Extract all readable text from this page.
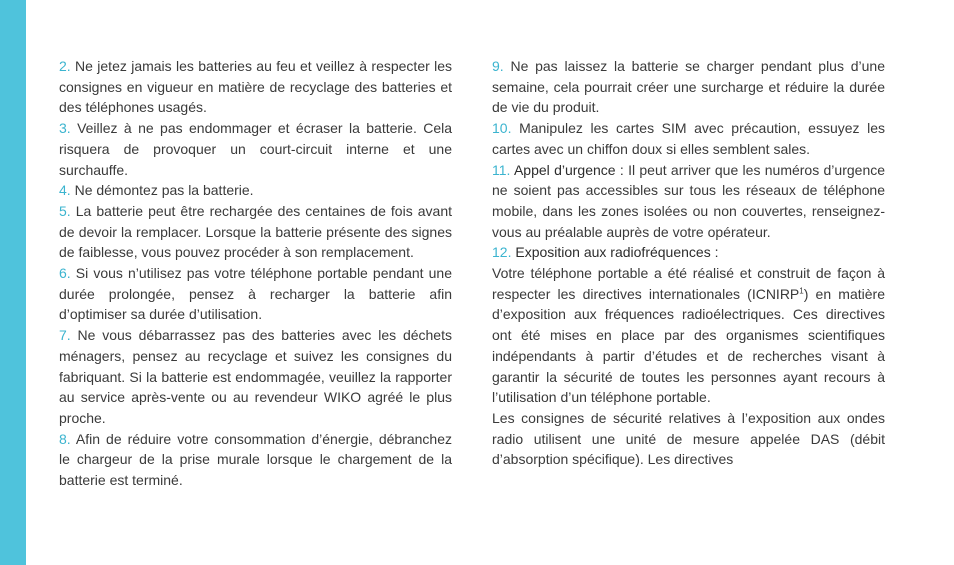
2. Ne jetez jamais les batteries au feu et veillez à respecter les consignes en vigueur en matière de recyclage des batteries et des téléphones usagés.

3. Veillez à ne pas endommager et écraser la batterie. Cela risquera de provoquer un court-circuit interne et une surchauffe.

4. Ne démontez pas la batterie.

5. La batterie peut être rechargée des centaines de fois avant de devoir la remplacer. Lorsque la batterie présente des signes de faiblesse, vous pouvez procéder à son remplacement.

6. Si vous n’utilisez pas votre téléphone portable pendant une durée prolongée, pensez à recharger la batterie afin d’optimiser sa durée d’utilisation.

7. Ne vous débarrassez pas des batteries avec les déchets ménagers, pensez au recyclage et suivez les consignes du fabriquant. Si la batterie est endommagée, veuillez la rapporter au service après-vente ou au revendeur WIKO agréé le plus proche.

8. Afin de réduire votre consommation d’énergie, débranchez le chargeur de la prise murale lorsque le chargement de la batterie est terminé.

9. Ne pas laissez la batterie se charger pendant plus d’une semaine, cela pourrait créer une surcharge et réduire la durée de vie du produit.

10. Manipulez les cartes SIM avec précaution, essuyez les cartes avec un chiffon doux si elles semblent sales.

11. Appel d’urgence : Il peut arriver que les numéros d’urgence ne soient pas accessibles sur tous les réseaux de téléphone mobile, dans les zones isolées ou non couvertes, renseignez-vous au préalable auprès de votre opérateur.

12. Exposition aux radiofréquences :

Votre téléphone portable a été réalisé et construit de façon à respecter les directives internationales (ICNIRP$^1$) en matière d’exposition aux fréquences radioélectriques. Ces directives ont été mises en place par des organismes scientifiques indépendants à partir d’études et de recherches visant à garantir la sécurité de toutes les personnes ayant recours à l’utilisation d’un téléphone portable.

Les consignes de sécurité relatives à l’exposition aux ondes radio utilisent une unité de mesure appelée DAS (débit d’absorption spécifique). Les directives
